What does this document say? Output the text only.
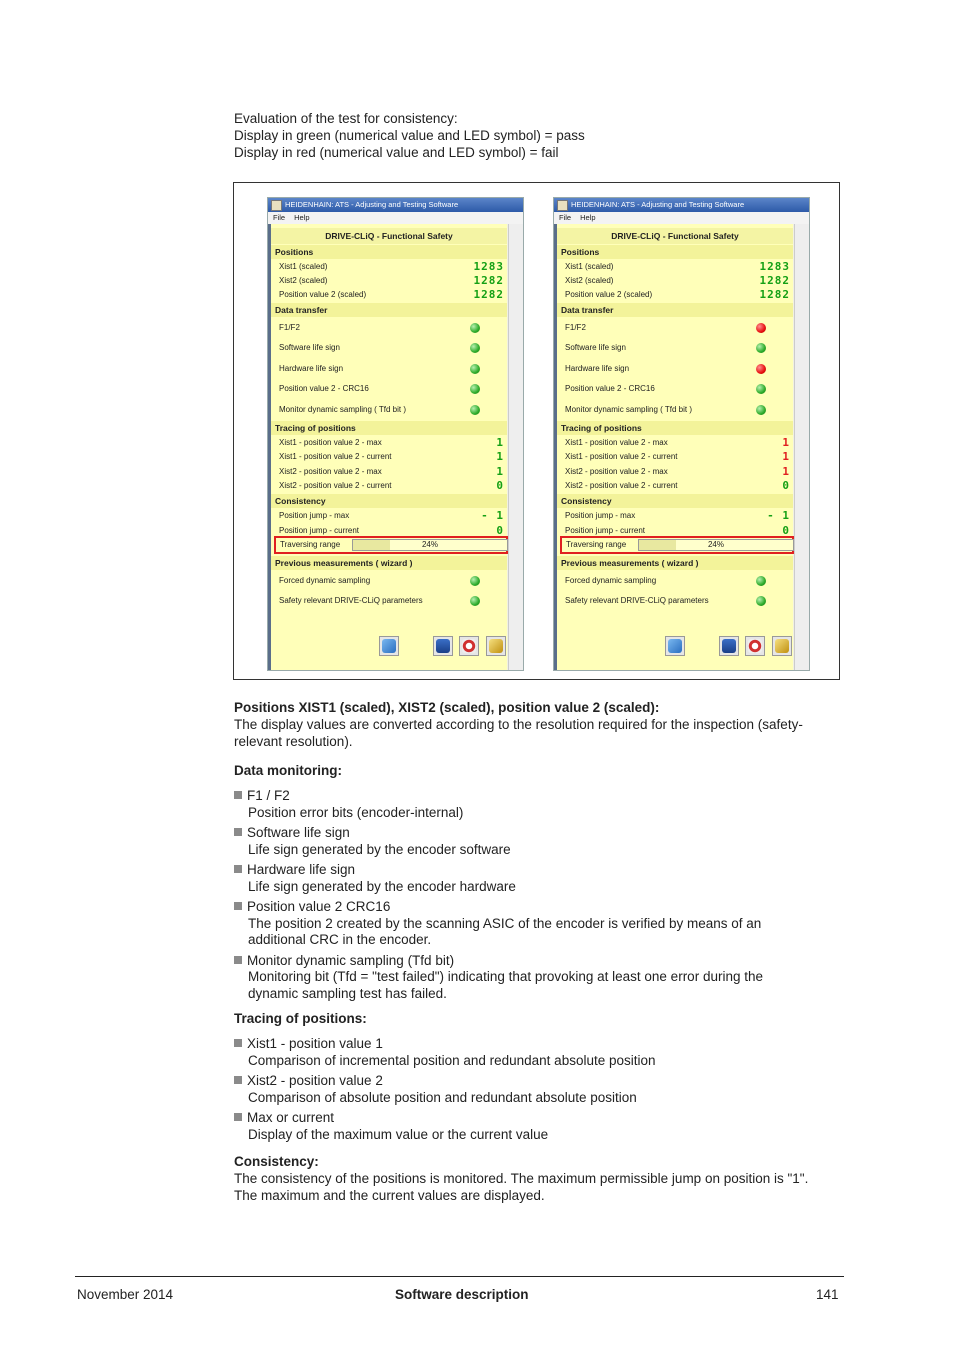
Evaluation of the test for consistency:
Display in green (numerical value and LED symbol) = pass
Display in red (numerical value and LED symbol) = fail
HEIDENHAIN: ATS - Adjusting and Testing Software
File Help
DRIVE-CLiQ - Functional Safety
Positions
Xist1 (scaled)	1283
Xist2 (scaled)	1282
Position value 2 (scaled)	1282
Data transfer
F1/F2
Software life sign
Hardware life sign
Position value 2 - CRC16
Monitor dynamic sampling ( Tfd bit )
Tracing of positions
Xist1 - position value 2 - max	1
Xist1 - position value 2 - current	1
Xist2 - position value 2 - max	1
Xist2 - position value 2 - current	0
Consistency
Position jump - max	- 1
Position jump - current	0
Traversing range	24%
Previous measurements ( wizard )
Forced dynamic sampling
Safety relevant DRIVE-CLiQ parameters
HEIDENHAIN: ATS - Adjusting and Testing Software
File Help
DRIVE-CLiQ - Functional Safety
Positions
Xist1 (scaled)	1283
Xist2 (scaled)	1282
Position value 2 (scaled)	1282
Data transfer
F1/F2
Software life sign
Hardware life sign
Position value 2 - CRC16
Monitor dynamic sampling ( Tfd bit )
Tracing of positions
Xist1 - position value 2 - max	1
Xist1 - position value 2 - current	1
Xist2 - position value 2 - max	1
Xist2 - position value 2 - current	0
Consistency
Position jump - max	- 1
Position jump - current	0
Traversing range	24%
Previous measurements ( wizard )
Forced dynamic sampling
Safety relevant DRIVE-CLiQ parameters
Positions XIST1 (scaled), XIST2 (scaled), position value 2 (scaled):
The display values are converted according to the resolution required for the inspection (safety-
relevant resolution).
Data monitoring:
F1 / F2
Position error bits (encoder-internal)
Software life sign
Life sign generated by the encoder software
Hardware life sign
Life sign generated by the encoder hardware
Position value 2 CRC16
The position 2 created by the scanning ASIC of the encoder is verified by means of an
additional CRC in the encoder.
Monitor dynamic sampling (Tfd bit)
Monitoring bit (Tfd = "test failed") indicating that provoking at least one error during the
dynamic sampling test has failed.
Tracing of positions:
Xist1 - position value 1
Comparison of incremental position and redundant absolute position
Xist2 - position value 2
Comparison of absolute position and redundant absolute position
Max or current
Display of the maximum value or the current value
Consistency:
The consistency of the positions is monitored. The maximum permissible jump on position is "1".
The maximum and the current values are displayed.
November 2014	Software description	141
